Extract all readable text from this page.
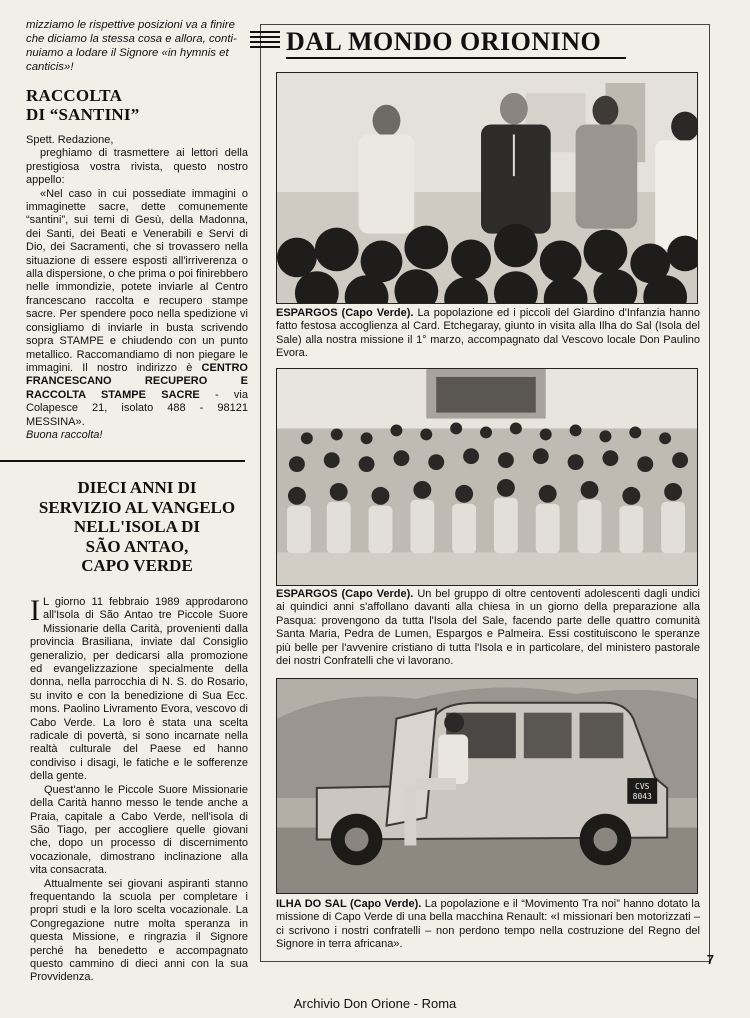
mizziamo le rispettive posizioni va a finire

che diciamo la stessa cosa e allora, conti-

nuiamo a lodare il Signore «in hymnis et

canticis»!

RACCOLTA
DI “SANTINI”

Spett. Redazione,

preghiamo di trasmettere ai lettori della prestigiosa vostra rivista, questo nostro appello:

«Nel caso in cui possediate immagini o immaginette sacre, dette comunemente “santini”, sui temi di Gesù, della Madonna, dei Santi, dei Beati e Venerabili e Servi di Dio, dei Sacramenti, che si trovassero nella situazione di essere esposti all'irriverenza o alla dispersione, o che prima o poi finirebbero nelle immondizie, potete inviarle al Centro francescano raccolta e recupero stampe sacre. Per spendere poco nella spedizione vi consigliamo di inviarle in busta scrivendo sopra STAMPE e chiudendo con un punto metallico. Raccomandiamo di non piegare le immagini. Il nostro indirizzo è CENTRO FRANCESCANO RECUPERO E RACCOLTA STAMPE SACRE - via Colapesce 21, isolato 488 - 98121 MESSINA».

Buona raccolta!

DIECI ANNI DI
SERVIZIO AL VANGELO
NELL'ISOLA DI
SÃO ANTAO,
CAPO VERDE

I L giorno 11 febbraio 1989 approdarono all'Isola di São Antao tre Piccole Suore Missionarie della Carità, provenienti dalla provincia Brasiliana, inviate dal Consiglio generalizio, per dedicarsi alla promozione ed evangelizzazione specialmente della donna, nella parrocchia di N. S. do Rosario, su invito e con la benedizione di Sua Ecc. mons. Paolino Livramento Evora, vescovo di Cabo Verde. La loro è stata una scelta radicale di povertà, si sono incarnate nella realtà culturale del Paese ed hanno condiviso i disagi, le fatiche e le sofferenze della gente.

Quest'anno le Piccole Suore Missionarie della Carità hanno messo le tende anche a Praia, capitale a Cabo Verde, nell'isola di São Tiago, per accogliere quelle giovani che, dopo un processo di discernimento vocazionale, dimostrano inclinazione alla vita consacrata.

Attualmente sei giovani aspiranti stanno frequentando la scuola per completare i propri studi e la loro scelta vocazionale. La Congregazione nutre molta speranza in questa Missione, e ringrazia il Signore perché ha benedetto e accompagnato questo cammino di dieci anni con la sua Provvidenza.

DAL MONDO ORIONINO

ESPARGOS (Capo Verde). La popolazione ed i piccoli del Giardino d'Infanzia hanno fatto festosa accoglienza al Card. Etchegaray, giunto in visita alla Ilha do Sal (Isola del Sale) alla nostra missione il 1° marzo, accompagnato dal Vescovo locale Don Paulino Evora.

ESPARGOS (Capo Verde). Un bel gruppo di oltre centoventi adolescenti dagli undici ai quindici anni s'affollano davanti alla chiesa in un giorno della preparazione alla Pasqua: provengono da tutta l'Isola del Sale, facendo parte delle quattro comunità Santa Maria, Pedra de Lumen, Espargos e Palmeira. Essi costituiscono le speranze più belle per l'avvenire cristiano di tutta l'Isola e in particolare, del ministero pastorale dei nostri Confratelli che vi lavorano.

CVS
8043

ILHA DO SAL (Capo Verde). La popolazione e il “Movimento Tra noi” hanno dotato la missione di Capo Verde di una bella macchina Renault: «I missionari ben motorizzati – ci scrivono i nostri confratelli – non perdono tempo nella costruzione del Regno del Signore in terra africana».

7
Archivio Don Orione - Roma
